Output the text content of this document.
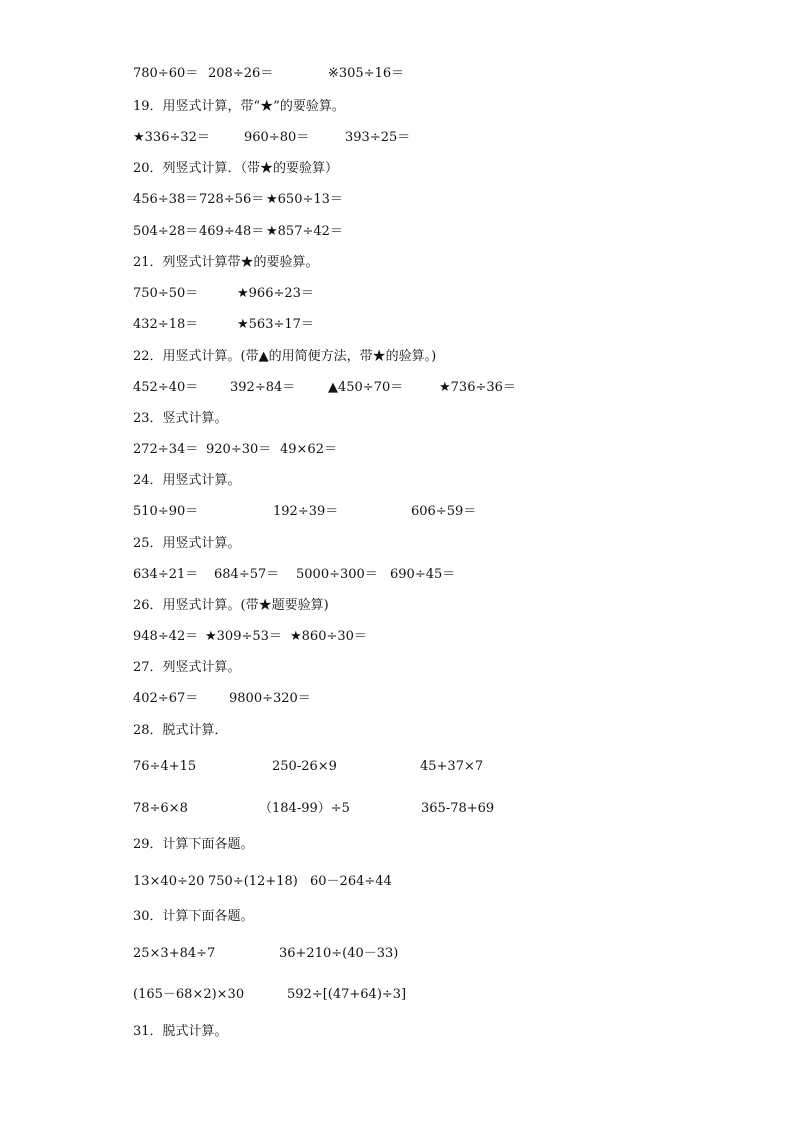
780÷60＝ 208÷26＝	※305÷16＝
19．用竖式计算，带“★”的要验算。
★336÷32＝	960÷80＝	393÷25＝
20．列竖式计算．（带★的要验算）
456÷38＝ 728÷56＝ ★650÷13＝
504÷28＝ 469÷48＝ ★857÷42＝
21．列竖式计算带★的要验算。
750÷50＝	★966÷23＝
432÷18＝	★563÷17＝
22．用竖式计算。(带▲的用简便方法，带★的验算。)
452÷40＝ 392÷84＝	▲450÷70＝	★736÷36＝
23．竖式计算。
272÷34＝ 920÷30＝ 49×62＝
24．用竖式计算。
510÷90＝	192÷39＝	606÷59＝
25．用竖式计算。
634÷21＝ 684÷57＝ 5000÷300＝ 690÷45＝
26．用竖式计算。(带★题要验算)
948÷42＝ ★309÷53＝ ★860÷30＝
27．列竖式计算。
402÷67＝ 9800÷320＝
28．脱式计算．
76÷4+15	250-26×9	45+37×7
78÷6×8	（184-99）÷5	365-78+69
29．计算下面各题。
13×40÷20 750÷(12+18) 60－264÷44
30．计算下面各题。
25×3+84÷7	36+210÷(40－33)
(165－68×2)×30	592÷[(47+64)÷3]
31．脱式计算。
